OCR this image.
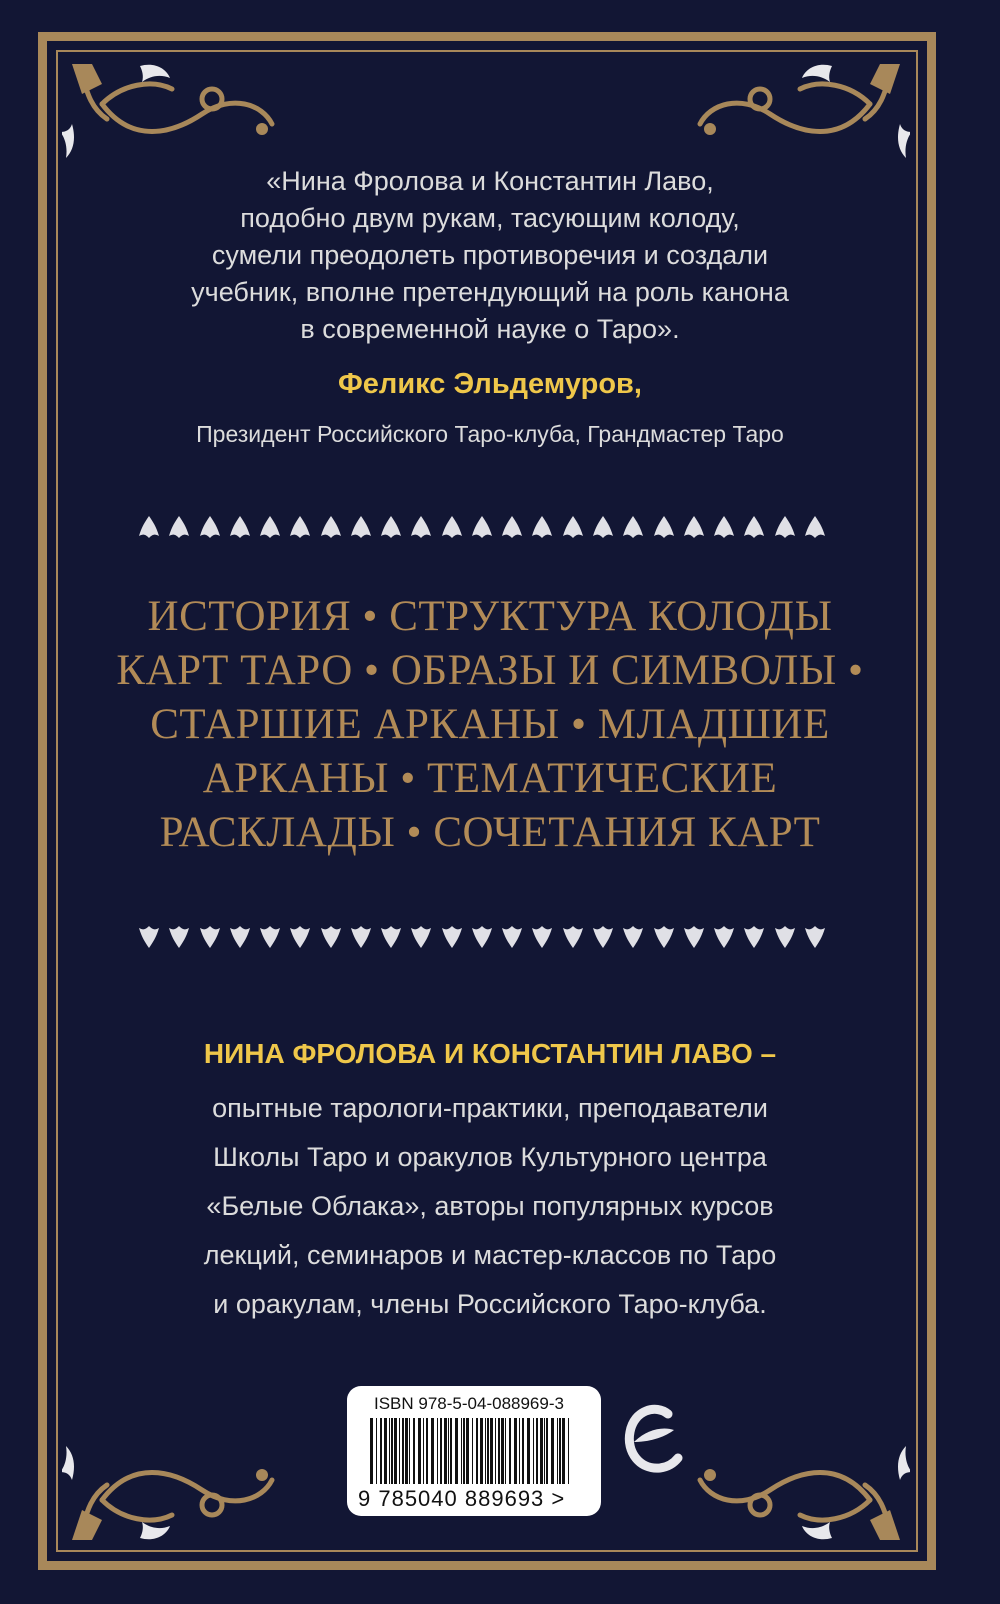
«Нина Фролова и Константин Лаво,
подобно двум рукам, тасующим колоду,
сумели преодолеть противоречия и создали
учебник, вполне претендующий на роль канона
в современной науке о Таро».
Феликс Эльдемуров,
Президент Российского Таро-клуба, Грандмастер Таро
ИСТОРИЯ • СТРУКТУРА КОЛОДЫ
КАРТ ТАРО • ОБРАЗЫ И СИМВОЛЫ •
СТАРШИЕ АРКАНЫ • МЛАДШИЕ
АРКАНЫ • ТЕМАТИЧЕСКИЕ
РАСКЛАДЫ • СОЧЕТАНИЯ КАРТ
НИНА ФРОЛОВА И КОНСТАНТИН ЛАВО –
опытные тарологи-практики, преподаватели
Школы Таро и оракулов Культурного центра
«Белые Облака», авторы популярных курсов
лекций, семинаров и мастер-классов по Таро
и оракулам, члены Российского Таро-клуба.
ISBN 978-5-04-088969-3
9 785040 889693 >
